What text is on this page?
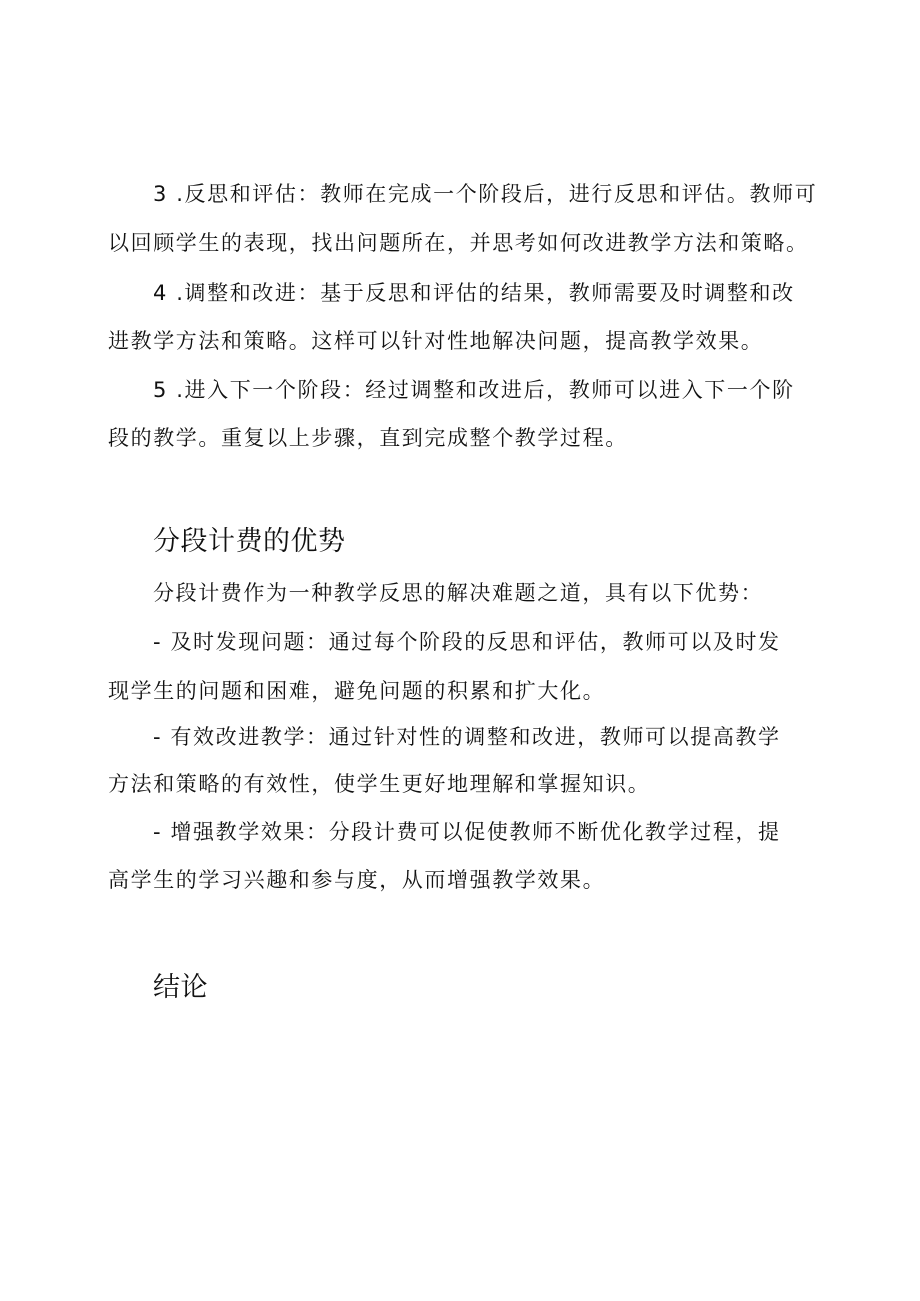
3 .反思和评估：教师在完成一个阶段后，进行反思和评估。教师可
以回顾学生的表现，找出问题所在，并思考如何改进教学方法和策略。
4 .调整和改进：基于反思和评估的结果，教师需要及时调整和改
进教学方法和策略。这样可以针对性地解决问题，提高教学效果。
5 .进入下一个阶段：经过调整和改进后，教师可以进入下一个阶
段的教学。重复以上步骤，直到完成整个教学过程。
分段计费的优势
分段计费作为一种教学反思的解决难题之道，具有以下优势：
- 及时发现问题：通过每个阶段的反思和评估，教师可以及时发
现学生的问题和困难，避免问题的积累和扩大化。
- 有效改进教学：通过针对性的调整和改进，教师可以提高教学
方法和策略的有效性，使学生更好地理解和掌握知识。
- 增强教学效果：分段计费可以促使教师不断优化教学过程，提
高学生的学习兴趣和参与度，从而增强教学效果。
结论
